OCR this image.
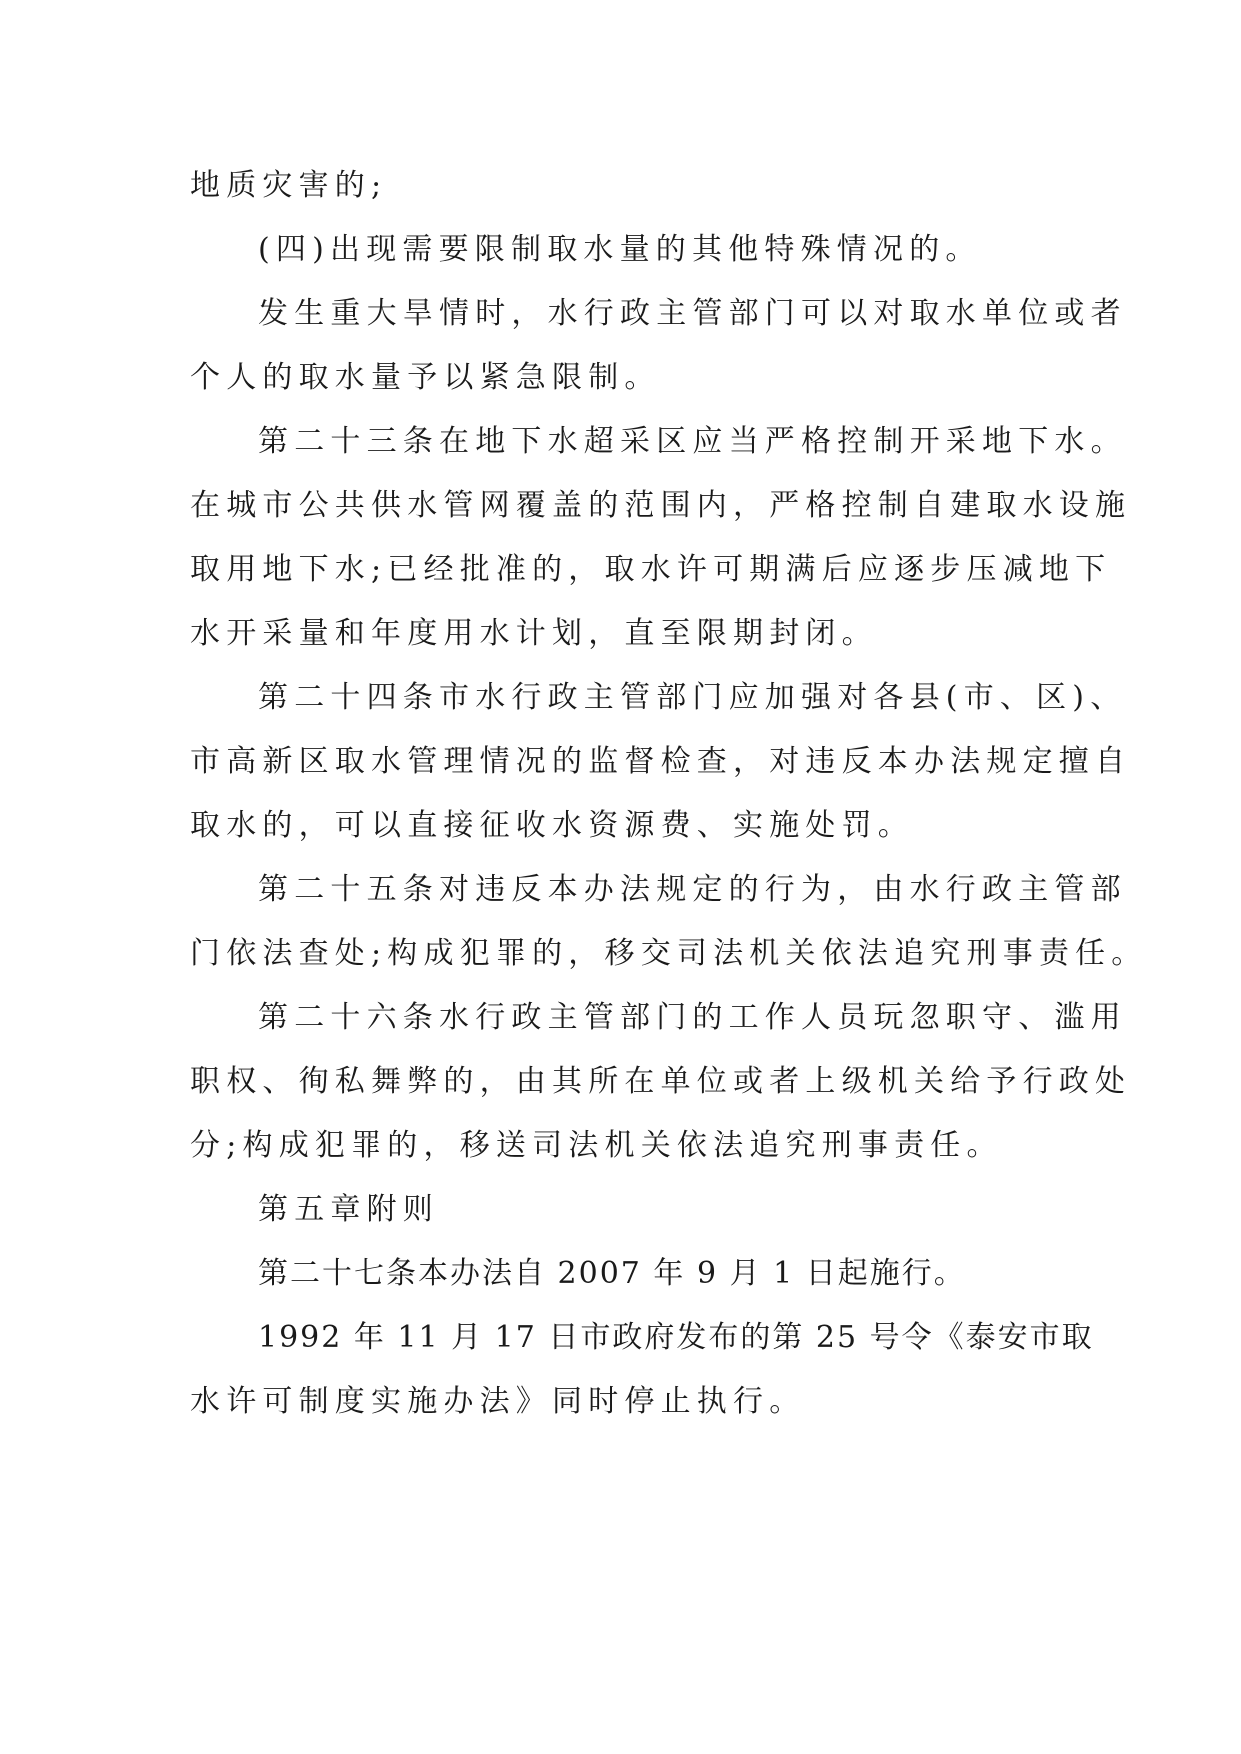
地质灾害的;
(四)出现需要限制取水量的其他特殊情况的。
发生重大旱情时，水行政主管部门可以对取水单位或者
个人的取水量予以紧急限制。
第二十三条在地下水超采区应当严格控制开采地下水。
在城市公共供水管网覆盖的范围内，严格控制自建取水设施
取用地下水;已经批准的，取水许可期满后应逐步压减地下
水开采量和年度用水计划，直至限期封闭。
第二十四条市水行政主管部门应加强对各县(市、区)、
市高新区取水管理情况的监督检查，对违反本办法规定擅自
取水的，可以直接征收水资源费、实施处罚。
第二十五条对违反本办法规定的行为，由水行政主管部
门依法查处;构成犯罪的，移交司法机关依法追究刑事责任。
第二十六条水行政主管部门的工作人员玩忽职守、滥用
职权、徇私舞弊的，由其所在单位或者上级机关给予行政处
分;构成犯罪的，移送司法机关依法追究刑事责任。
第五章附则
第二十七条本办法自 2007 年 9 月 1 日起施行。
1992 年 11 月 17 日市政府发布的第 25 号令《泰安市取
水许可制度实施办法》同时停止执行。
